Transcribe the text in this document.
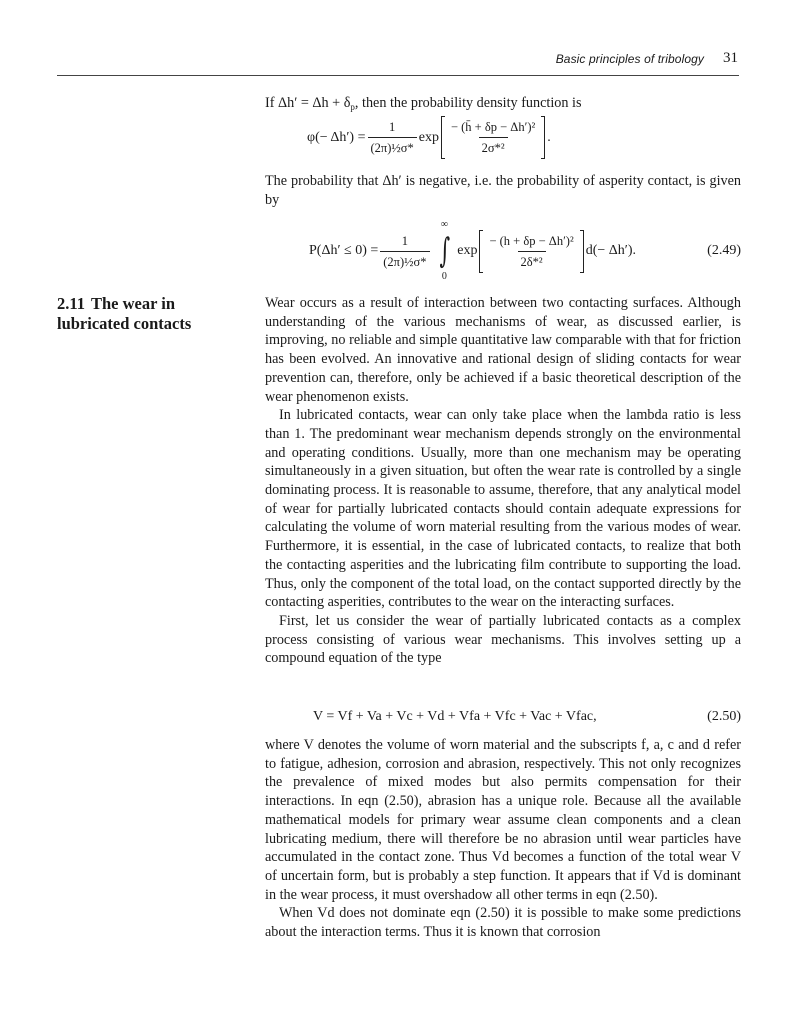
Basic principles of tribology 31
If $\Delta h' = \Delta h + \delta_p$, then the probability density function is
$\varphi(- \Delta h') = \frac{1}{\text{(2π)½σ*}}$ $\exp \frac{\text{− (h̄ + δp − Δh′)²}}{\text{2σ*²}}$ .

The probability that Δh′ is negative, i.e. the probability of asperity contact, is given by

$P(\Delta h' \le 0) = \frac{1}{\text{(2π)½σ*}}$
∞
∫
0
$\exp \frac{\text{− (h + δp − Δh′)²}}{\text{2δ*²}} d(- \Delta h')$.	(2.49)
2.11 The wear in lubricated contacts

Wear occurs as a result of interaction between two contacting surfaces. Although understanding of the various mechanisms of wear, as discussed earlier, is improving, no reliable and simple quantitative law comparable with that for friction has been evolved. An innovative and rational design of sliding contacts for wear prevention can, therefore, only be achieved if a basic theoretical description of the wear phenomenon exists.

In lubricated contacts, wear can only take place when the lambda ratio is less than 1. The predominant wear mechanism depends strongly on the environmental and operating conditions. Usually, more than one mechanism may be operating simultaneously in a given situation, but often the wear rate is controlled by a single dominating process. It is reasonable to assume, therefore, that any analytical model of wear for partially lubricated contacts should contain adequate expressions for calculating the volume of worn material resulting from the various modes of wear. Furthermore, it is essential, in the case of lubricated contacts, to realize that both the contacting asperities and the lubricating film contribute to supporting the load. Thus, only the component of the total load, on the contact supported directly by the contacting asperities, contributes to the wear on the interacting surfaces.

First, let us consider the wear of partially lubricated contacts as a complex process consisting of various wear mechanisms. This involves setting up a compound equation of the type

V = Vf + Va + Vc + Vd + Vfa + Vfc + Vac + Vfac,	(2.50)

where V denotes the volume of worn material and the subscripts f, a, c and d refer to fatigue, adhesion, corrosion and abrasion, respectively. This not only recognizes the prevalence of mixed modes but also permits compensation for their interactions. In eqn (2.50), abrasion has a unique role. Because all the available mathematical models for primary wear assume clean components and a clean lubricating medium, there will therefore be no abrasion until wear particles have accumulated in the contact zone. Thus Vd becomes a function of the total wear V of uncertain form, but is probably a step function. It appears that if Vd is dominant in the wear process, it must overshadow all other terms in eqn (2.50).

When Vd does not dominate eqn (2.50) it is possible to make some predictions about the interaction terms. Thus it is known that corrosion
